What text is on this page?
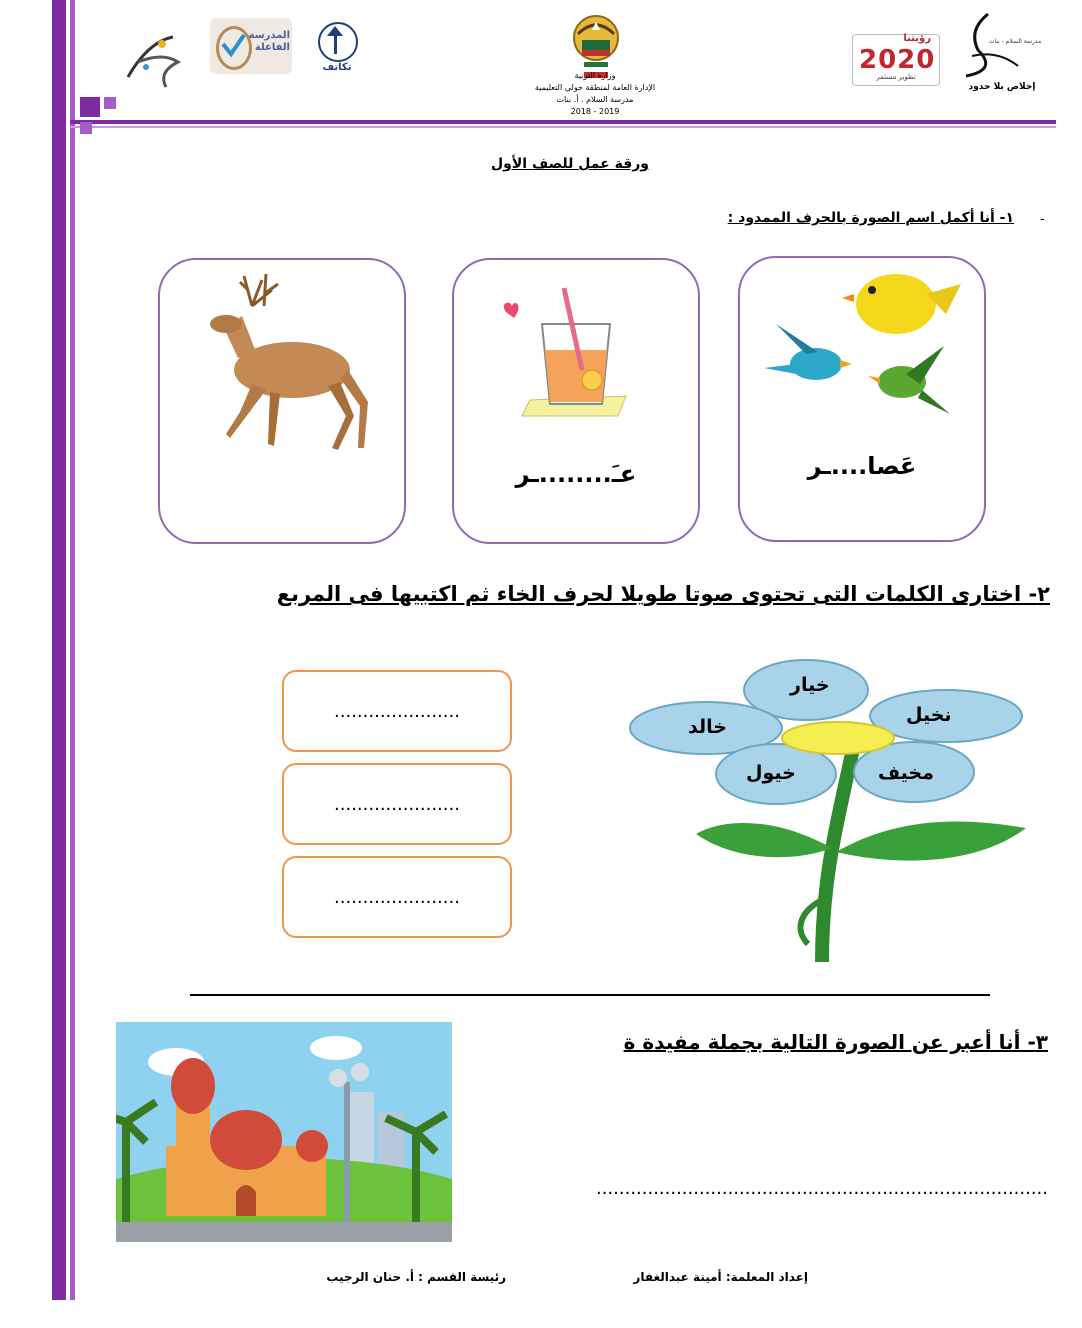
المدرسة الفاعلة
تكاتف
وزارة التربية
الإدارة العامة لمنطقة حولي التعليمية
مدرسة السلام . أ. بنات
2018 - 2019
رؤيتنا
2020
تطوير مستمر
مدرسة السلام - بنات
إخلاص بلا حدود
ورقة عمل للصف الأول
-
١- أنا أكمل اسم الصورة بالحرف الممدود :
عَصا....ـر
عـَ........ـر
٢- اختارى الكلمات التى تحتوى صوتا طويلا لحرف الخاء ثم اكتبيها فى المربع
......................
......................
......................
خيار
نخيل
خالد
مخيف
خيول
٣- أنا أعبر عن الصورة التالية بجملة مفيدة ة
...............................................................................
إعداد المعلمة: أمينة عبدالغفار
رئيسة القسم : أ. حنان الرجيب
